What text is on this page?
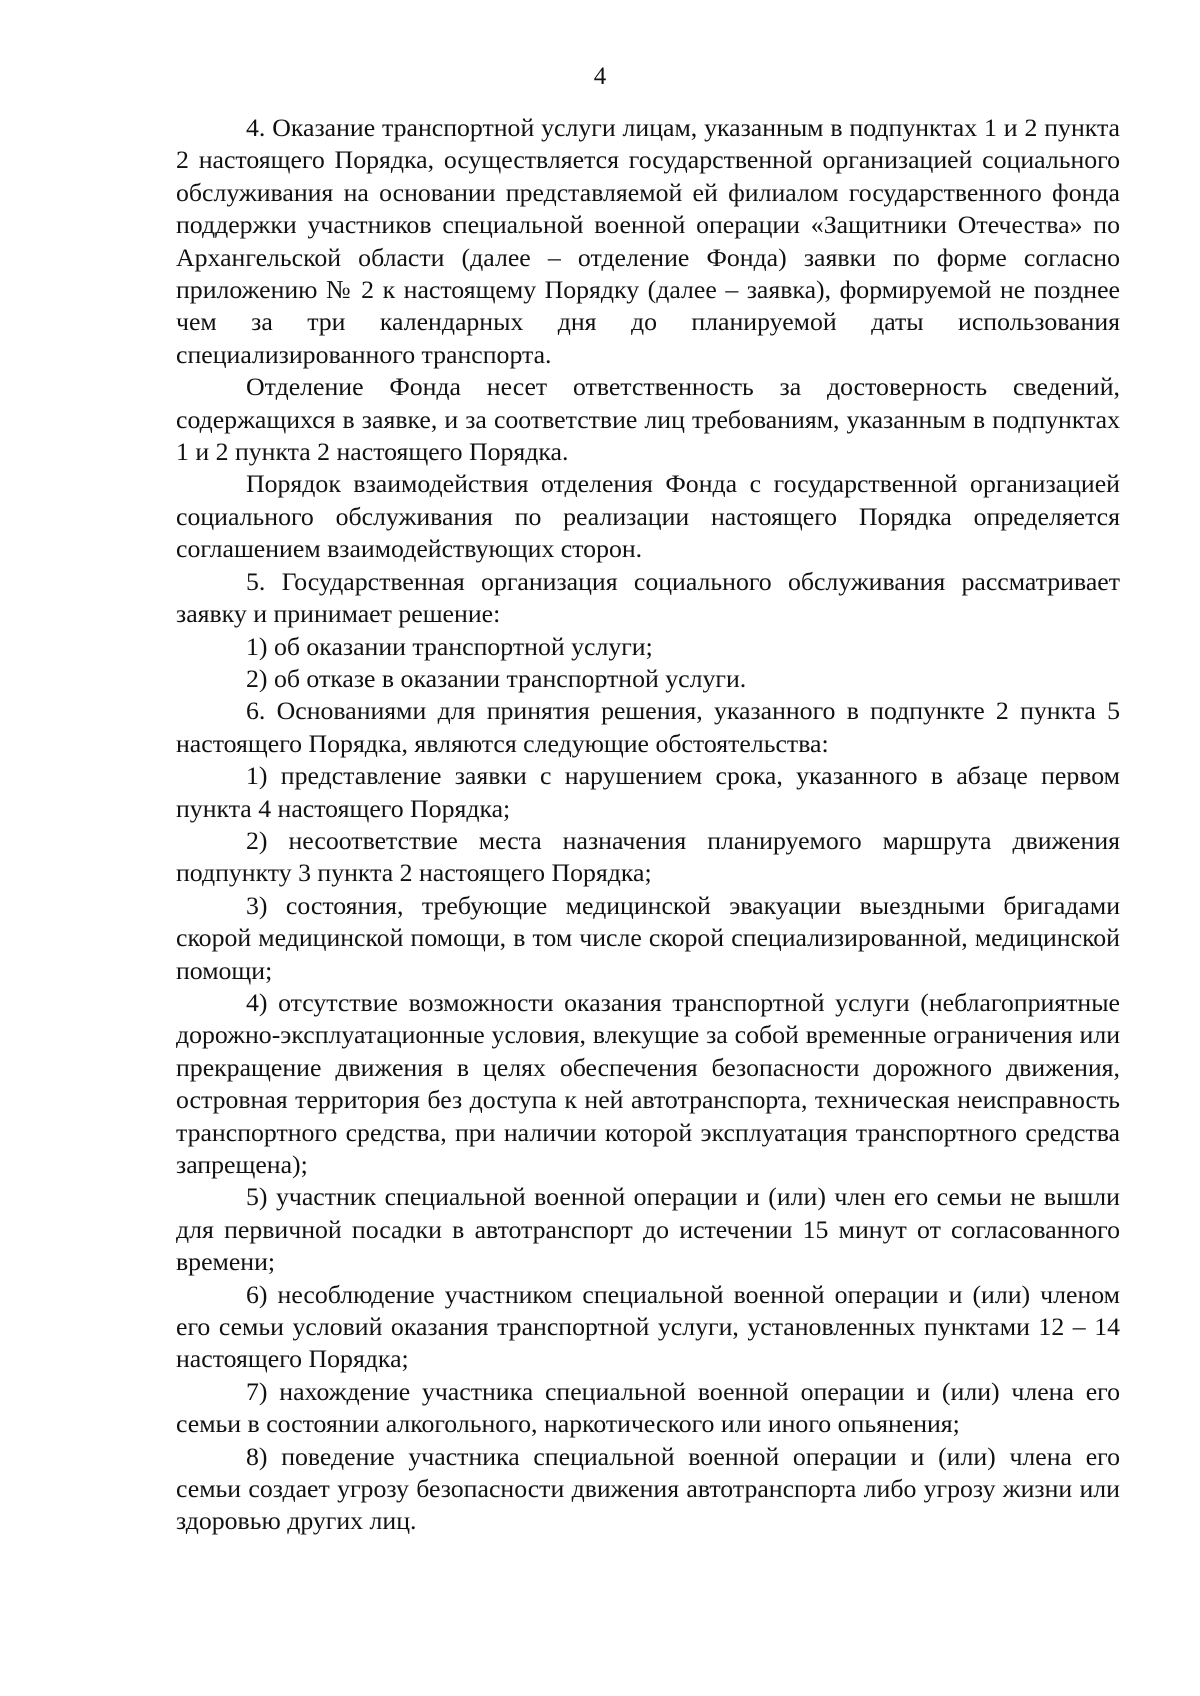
4

4. Оказание транспортной услуги лицам, указанным в подпунктах 1 и 2 пункта 2 настоящего Порядка, осуществляется государственной организацией социального обслуживания на основании представляемой ей филиалом государственного фонда поддержки участников специальной военной операции «Защитники Отечества» по Архангельской области (далее – отделение Фонда) заявки по форме согласно приложению № 2 к настоящему Порядку (далее – заявка), формируемой не позднее чем за три календарных дня до планируемой даты использования специализированного транспорта.

Отделение Фонда несет ответственность за достоверность сведений, содержащихся в заявке, и за соответствие лиц требованиям, указанным в подпунктах 1 и 2 пункта 2 настоящего Порядка.

Порядок взаимодействия отделения Фонда с государственной организацией социального обслуживания по реализации настоящего Порядка определяется соглашением взаимодействующих сторон.

5. Государственная организация социального обслуживания рассматривает заявку и принимает решение:

1) об оказании транспортной услуги;

2) об отказе в оказании транспортной услуги.

6. Основаниями для принятия решения, указанного в подпункте 2 пункта 5 настоящего Порядка, являются следующие обстоятельства:

1) представление заявки с нарушением срока, указанного в абзаце первом пункта 4 настоящего Порядка;

2) несоответствие места назначения планируемого маршрута движения подпункту 3 пункта 2 настоящего Порядка;

3) состояния, требующие медицинской эвакуации выездными бригадами скорой медицинской помощи, в том числе скорой специализированной, медицинской помощи;

4) отсутствие возможности оказания транспортной услуги (неблагоприятные дорожно-эксплуатационные условия, влекущие за собой временные ограничения или прекращение движения в целях обеспечения безопасности дорожного движения, островная территория без доступа к ней автотранспорта, техническая неисправность транспортного средства, при наличии которой эксплуатация транспортного средства запрещена);

5) участник специальной военной операции и (или) член его семьи не вышли для первичной посадки в автотранспорт до истечении 15 минут от согласованного времени;

6) несоблюдение участником специальной военной операции и (или) членом его семьи условий оказания транспортной услуги, установленных пунктами 12 – 14 настоящего Порядка;

7) нахождение участника специальной военной операции и (или) члена его семьи в состоянии алкогольного, наркотического или иного опьянения;

8) поведение участника специальной военной операции и (или) члена его семьи создает угрозу безопасности движения автотранспорта либо угрозу жизни или здоровью других лиц.
